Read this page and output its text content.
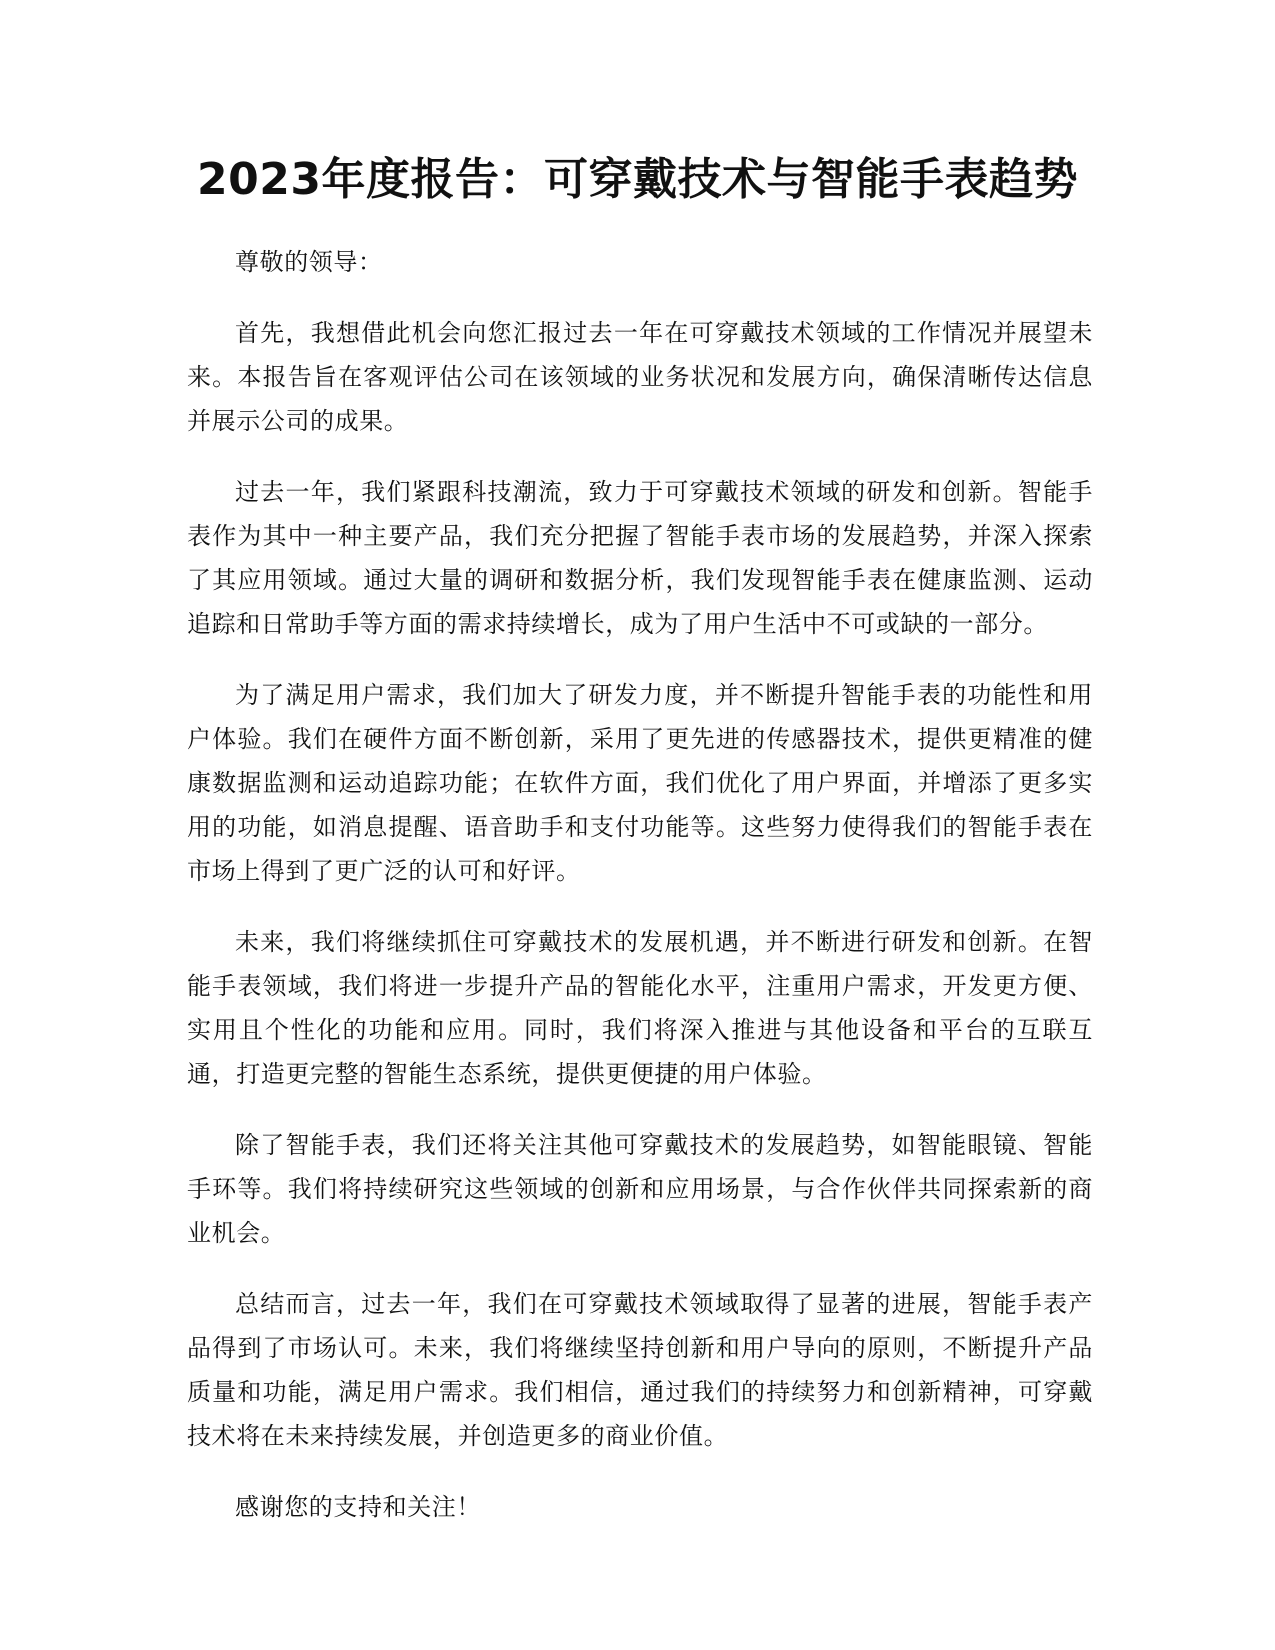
2023年度报告：可穿戴技术与智能手表趋势

尊敬的领导：

首先，我想借此机会向您汇报过去一年在可穿戴技术领域的工作情况并展望未来。本报告旨在客观评估公司在该领域的业务状况和发展方向，确保清晰传达信息并展示公司的成果。

过去一年，我们紧跟科技潮流，致力于可穿戴技术领域的研发和创新。智能手表作为其中一种主要产品，我们充分把握了智能手表市场的发展趋势，并深入探索了其应用领域。通过大量的调研和数据分析，我们发现智能手表在健康监测、运动追踪和日常助手等方面的需求持续增长，成为了用户生活中不可或缺的一部分。

为了满足用户需求，我们加大了研发力度，并不断提升智能手表的功能性和用户体验。我们在硬件方面不断创新，采用了更先进的传感器技术，提供更精准的健康数据监测和运动追踪功能；在软件方面，我们优化了用户界面，并增添了更多实用的功能，如消息提醒、语音助手和支付功能等。这些努力使得我们的智能手表在市场上得到了更广泛的认可和好评。

未来，我们将继续抓住可穿戴技术的发展机遇，并不断进行研发和创新。在智能手表领域，我们将进一步提升产品的智能化水平，注重用户需求，开发更方便、实用且个性化的功能和应用。同时，我们将深入推进与其他设备和平台的互联互通，打造更完整的智能生态系统，提供更便捷的用户体验。

除了智能手表，我们还将关注其他可穿戴技术的发展趋势，如智能眼镜、智能手环等。我们将持续研究这些领域的创新和应用场景，与合作伙伴共同探索新的商业机会。

总结而言，过去一年，我们在可穿戴技术领域取得了显著的进展，智能手表产品得到了市场认可。未来，我们将继续坚持创新和用户导向的原则，不断提升产品质量和功能，满足用户需求。我们相信，通过我们的持续努力和创新精神，可穿戴技术将在未来持续发展，并创造更多的商业价值。

感谢您的支持和关注！
